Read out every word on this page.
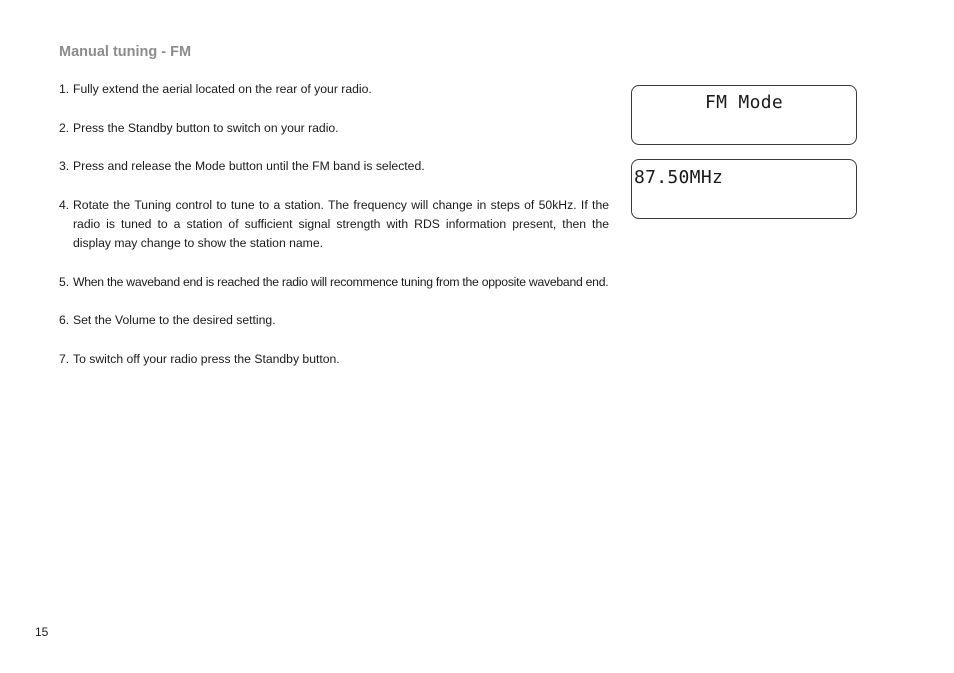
Manual tuning - FM
1. Fully extend the aerial located on the rear of your radio.
2. Press the Standby button to switch on your radio.
3. Press and release the Mode button until the FM band is selected.
4. Rotate the Tuning control to tune to a station. The frequency will change in steps of 50kHz. If the radio is tuned to a station of sufficient signal strength with RDS information present, then the display may change to show the station name.
5. When the waveband end is reached the radio will recommence tuning from the opposite waveband end.
6. Set the Volume to the desired setting.
7. To switch off your radio press the Standby button.
FM Mode
87.50MHz
15
